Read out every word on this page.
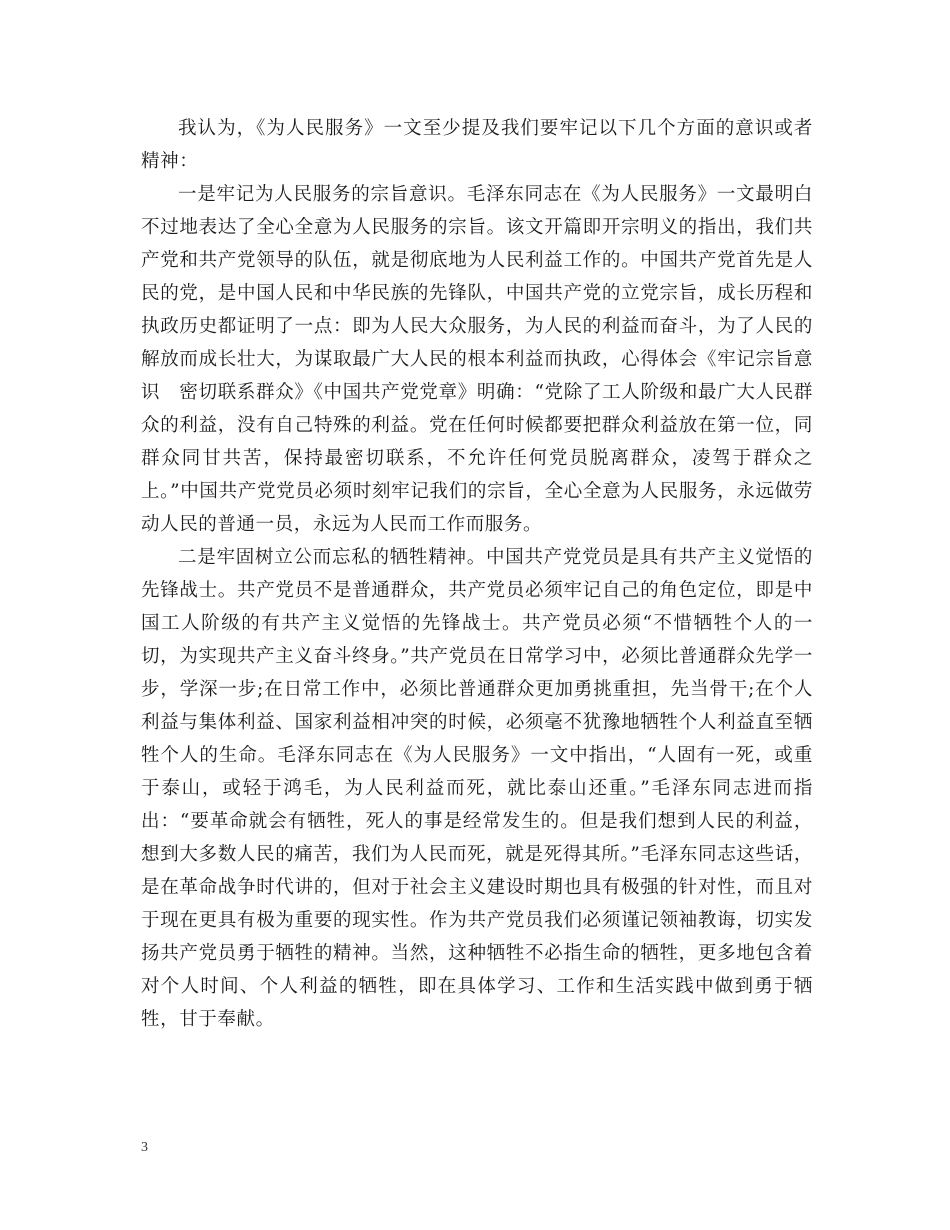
我认为，《为人民服务》一文至少提及我们要牢记以下几个方面的意识或者精神：

一是牢记为人民服务的宗旨意识。毛泽东同志在《为人民服务》一文最明白不过地表达了全心全意为人民服务的宗旨。该文开篇即开宗明义的指出，我们共产党和共产党领导的队伍，就是彻底地为人民利益工作的。中国共产党首先是人民的党，是中国人民和中华民族的先锋队，中国共产党的立党宗旨，成长历程和执政历史都证明了一点：即为人民大众服务，为人民的利益而奋斗，为了人民的解放而成长壮大，为谋取最广大人民的根本利益而执政，心得体会《牢记宗旨意识　密切联系群众》《中国共产党党章》明确：“党除了工人阶级和最广大人民群众的利益，没有自己特殊的利益。党在任何时候都要把群众利益放在第一位，同群众同甘共苦，保持最密切联系，不允许任何党员脱离群众，凌驾于群众之上。”中国共产党党员必须时刻牢记我们的宗旨，全心全意为人民服务，永远做劳动人民的普通一员，永远为人民而工作而服务。

二是牢固树立公而忘私的牺牲精神。中国共产党党员是具有共产主义觉悟的先锋战士。共产党员不是普通群众，共产党员必须牢记自己的角色定位，即是中国工人阶级的有共产主义觉悟的先锋战士。共产党员必须“不惜牺牲个人的一切，为实现共产主义奋斗终身。”共产党员在日常学习中，必须比普通群众先学一步，学深一步;在日常工作中，必须比普通群众更加勇挑重担，先当骨干;在个人利益与集体利益、国家利益相冲突的时候，必须毫不犹豫地牺牲个人利益直至牺牲个人的生命。毛泽东同志在《为人民服务》一文中指出，“人固有一死，或重于泰山，或轻于鸿毛，为人民利益而死，就比泰山还重。”毛泽东同志进而指出：“要革命就会有牺牲，死人的事是经常发生的。但是我们想到人民的利益，想到大多数人民的痛苦，我们为人民而死，就是死得其所。”毛泽东同志这些话，是在革命战争时代讲的，但对于社会主义建设时期也具有极强的针对性，而且对于现在更具有极为重要的现实性。作为共产党员我们必须谨记领袖教诲，切实发扬共产党员勇于牺牲的精神。当然，这种牺牲不必指生命的牺牲，更多地包含着对个人时间、个人利益的牺牲，即在具体学习、工作和生活实践中做到勇于牺牲，甘于奉献。

3
